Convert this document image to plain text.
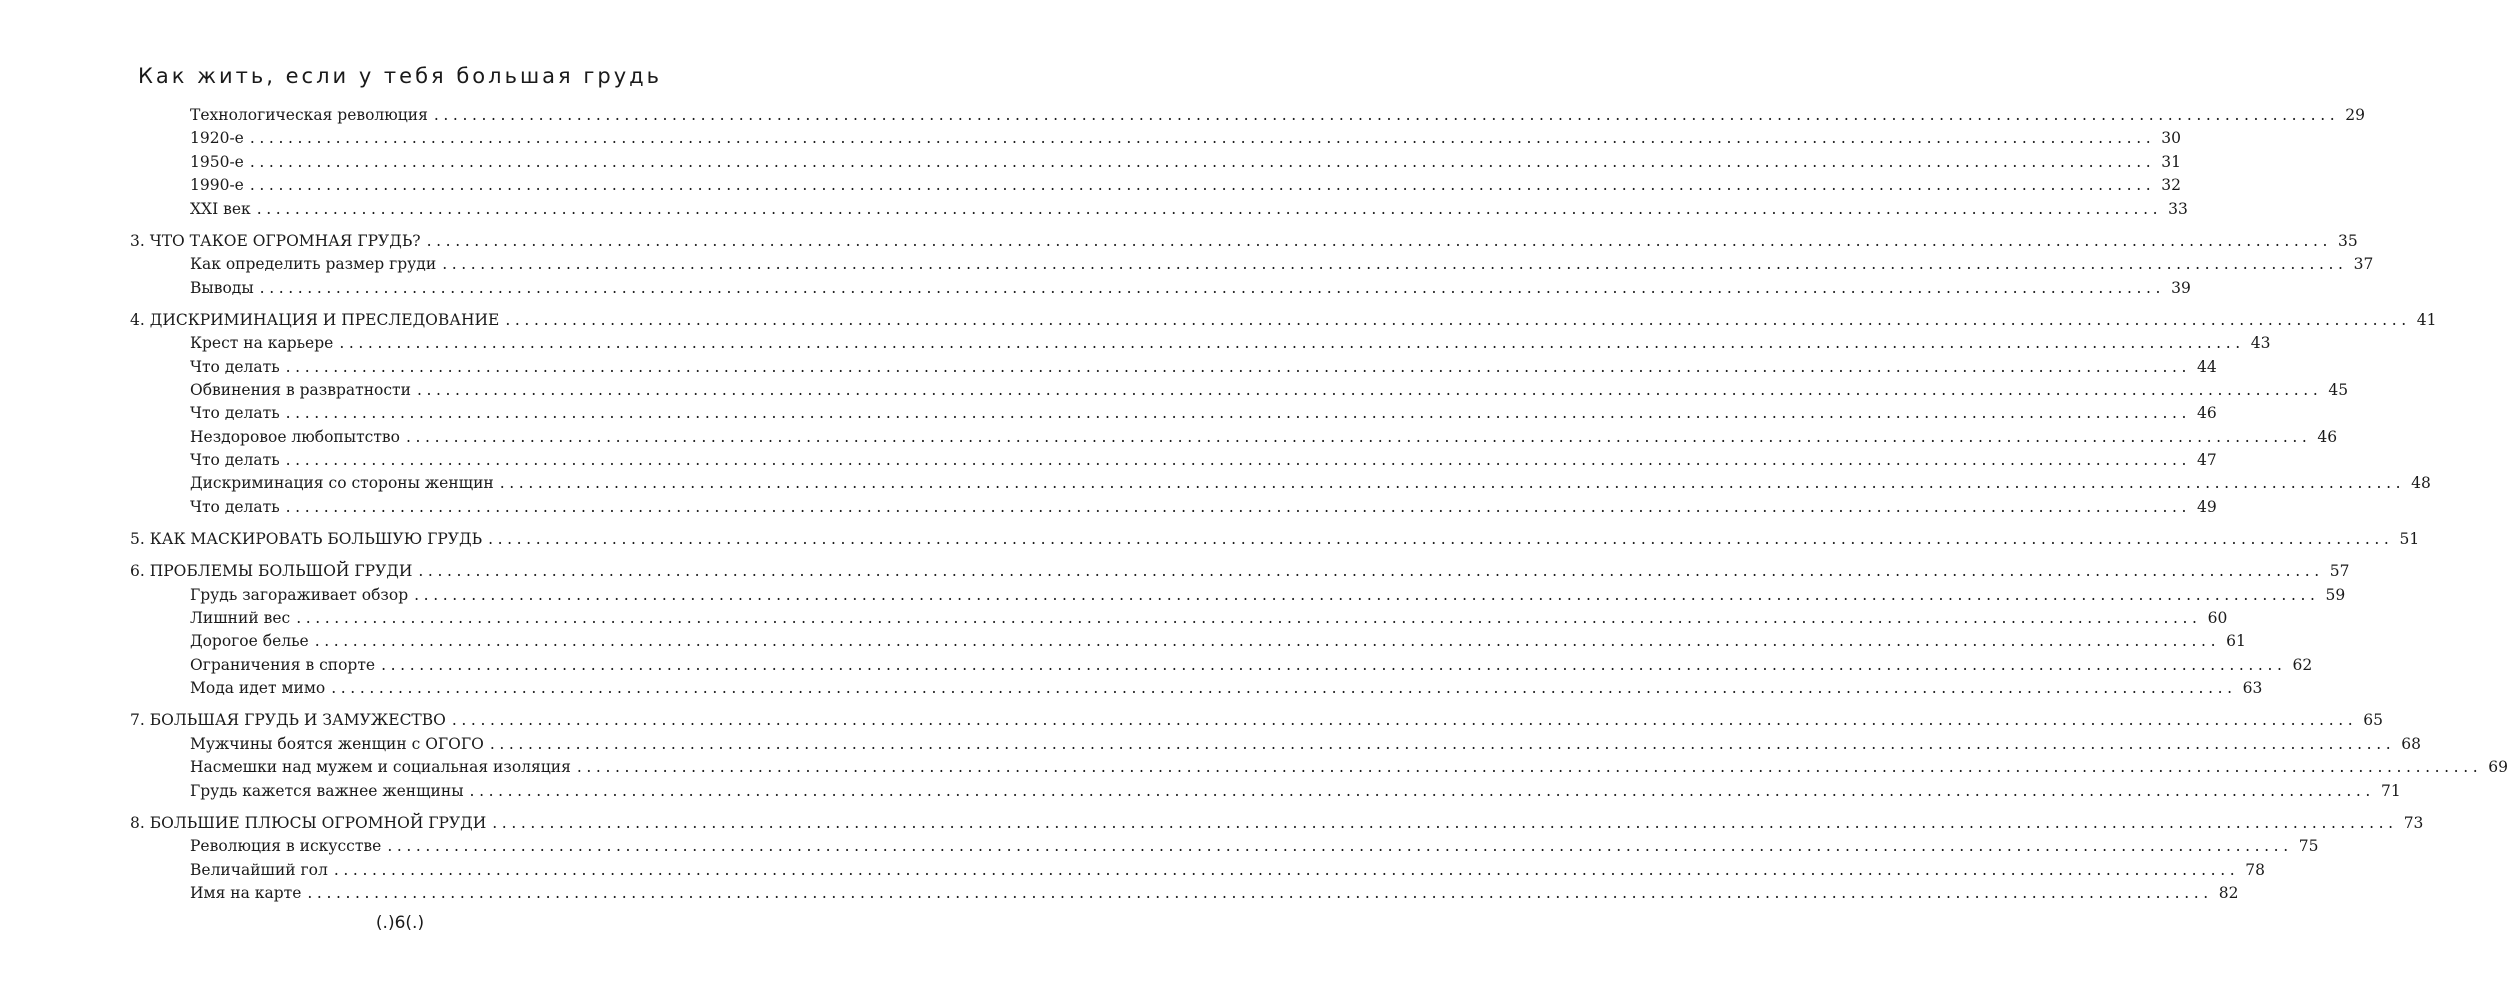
Как жить, если у тебя большая грудь
Технологическая революция ........................................................................................................................................................................................................ 29
1920-е ........................................................................................................................................................................................................ 30
1950-е ........................................................................................................................................................................................................ 31
1990-е ........................................................................................................................................................................................................ 32
XXI век ........................................................................................................................................................................................................ 33
3. ЧТО ТАКОЕ ОГРОМНАЯ ГРУДЬ? ........................................................................................................................................................................................................ 35
Как определить размер груди ........................................................................................................................................................................................................ 37
Выводы ........................................................................................................................................................................................................ 39
4. ДИСКРИМИНАЦИЯ И ПРЕСЛЕДОВАНИЕ ........................................................................................................................................................................................................ 41
Крест на карьере ........................................................................................................................................................................................................ 43
Что делать ........................................................................................................................................................................................................ 44
Обвинения в развратности ........................................................................................................................................................................................................ 45
Что делать ........................................................................................................................................................................................................ 46
Нездоровое любопытство ........................................................................................................................................................................................................ 46
Что делать ........................................................................................................................................................................................................ 47
Дискриминация со стороны женщин ........................................................................................................................................................................................................ 48
Что делать ........................................................................................................................................................................................................ 49
5. КАК МАСКИРОВАТЬ БОЛЬШУЮ ГРУДЬ ........................................................................................................................................................................................................ 51
6. ПРОБЛЕМЫ БОЛЬШОЙ ГРУДИ ........................................................................................................................................................................................................ 57
Грудь загораживает обзор ........................................................................................................................................................................................................ 59
Лишний вес ........................................................................................................................................................................................................ 60
Дорогое белье ........................................................................................................................................................................................................ 61
Ограничения в спорте ........................................................................................................................................................................................................ 62
Мода идет мимо ........................................................................................................................................................................................................ 63
7. БОЛЬШАЯ ГРУДЬ И ЗАМУЖЕСТВО ........................................................................................................................................................................................................ 65
Мужчины боятся женщин с ОГОГО ........................................................................................................................................................................................................ 68
Насмешки над мужем и социальная изоляция ........................................................................................................................................................................................................ 69
Грудь кажется важнее женщины ........................................................................................................................................................................................................ 71
8. БОЛЬШИЕ ПЛЮСЫ ОГРОМНОЙ ГРУДИ ........................................................................................................................................................................................................ 73
Революция в искусстве ........................................................................................................................................................................................................ 75
Величайший гол ........................................................................................................................................................................................................ 78
Имя на карте ........................................................................................................................................................................................................ 82
(.)6(.)
